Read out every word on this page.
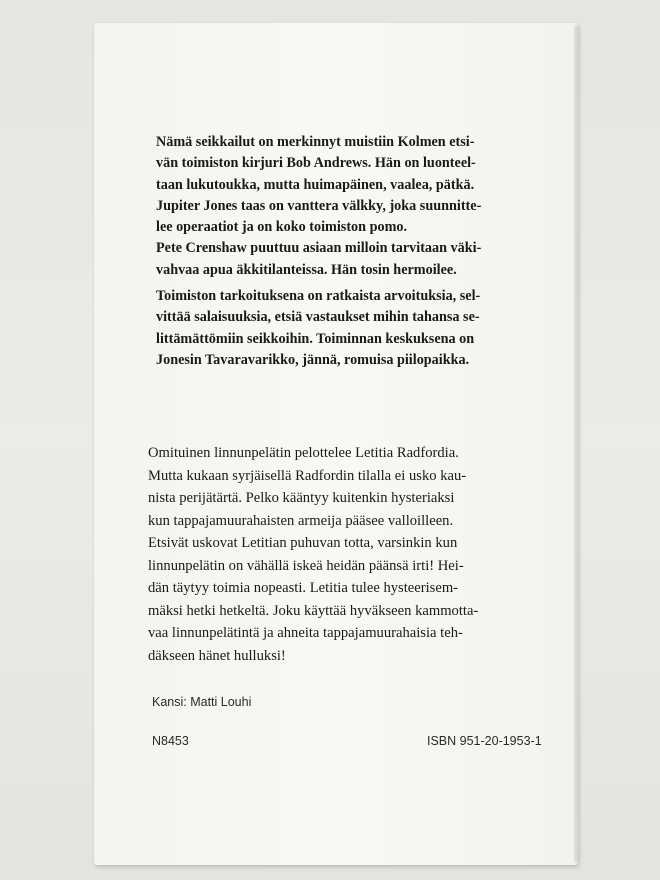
Nämä seikkailut on merkinnyt muistiin Kolmen etsi-
vän toimiston kirjuri Bob Andrews. Hän on luonteel-
taan lukutoukka, mutta huimapäinen, vaalea, pätkä.
Jupiter Jones taas on vanttera välkky, joka suunnitte-
lee operaatiot ja on koko toimiston pomo.
Pete Crenshaw puuttuu asiaan milloin tarvitaan väki-
vahvaa apua äkkitilanteissa. Hän tosin hermoilee.
Toimiston tarkoituksena on ratkaista arvoituksia, sel-
vittää salaisuuksia, etsiä vastaukset mihin tahansa se-
littämättömiin seikkoihin. Toiminnan keskuksena on
Jonesin Tavaravarikko, jännä, romuisa piilopaikka.
Omituinen linnunpelätin pelottelee Letitia Radfordia.
Mutta kukaan syrjäisellä Radfordin tilalla ei usko kau-
nista perijätärtä. Pelko kääntyy kuitenkin hysteriaksi
kun tappajamuurahaisten armeija pääsee valloilleen.
Etsivät uskovat Letitian puhuvan totta, varsinkin kun
linnunpelätin on vähällä iskeä heidän päänsä irti! Hei-
dän täytyy toimia nopeasti. Letitia tulee hysteerisem-
mäksi hetki hetkeltä. Joku käyttää hyväkseen kammotta-
vaa linnunpelätintä ja ahneita tappajamuurahaisia teh-
däkseen hänet hulluksi!
Kansi: Matti Louhi
N8453	ISBN 951-20-1953-1
